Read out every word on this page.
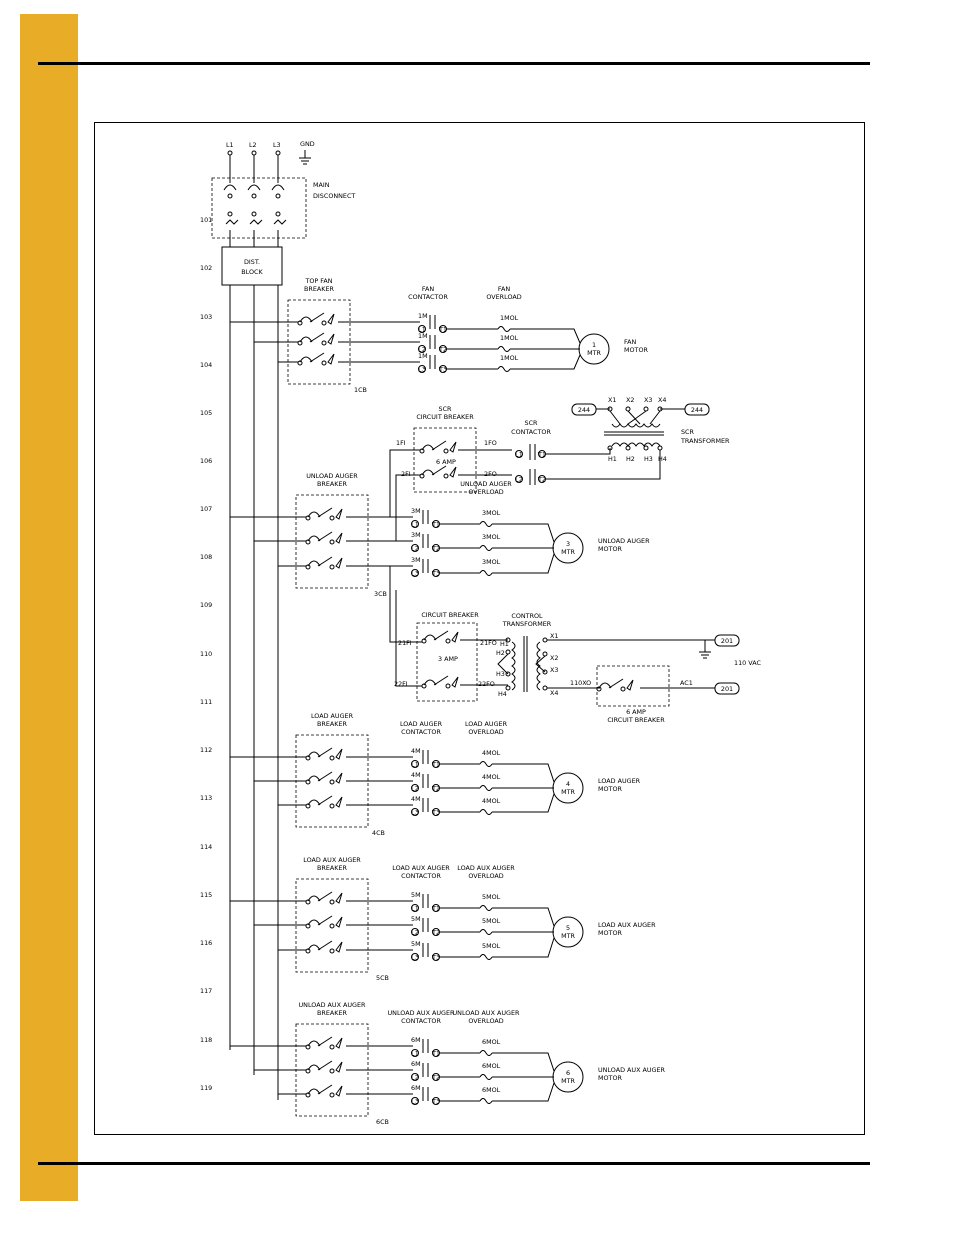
L1 L2	L3	GND
MAIN
DISCONNECT
DIST.
BLOCK
101
102
103
104
105
106
107
108
109
110
111
112
113
114
115
116
117
118
119
TOP FAN
BREAKER
1CB
1M	1MOL
1M	1MOL
1M	1MOL
FAN
CONTACTOR
FAN
OVERLOAD
1
MTR
FAN
MOTOR
L1 T1
L2 T2
L3 T3
UNLOAD AUGER
BREAKER
3CB
3M	3MOL
3M	3MOL
3M	3MOL
UNLOAD AUGER
OVERLOAD
3
MTR
UNLOAD AUGER
MOTOR
L1 T1
L2 T2
L3 T3
LOAD AUGER
BREAKER
4CB
4M	4MOL
4M	4MOL
4M	4MOL
LOAD AUGER
CONTACTOR
LOAD AUGER
OVERLOAD
4
MTR
LOAD AUGER
MOTOR
L1 T1
L2 T2
L3 T3
LOAD AUX AUGER
BREAKER
5CB
5M	5MOL
5M	5MOL
5M	5MOL
LOAD AUX AUGER
CONTACTOR
LOAD AUX AUGER
OVERLOAD
5
MTR
LOAD AUX AUGER
MOTOR
L1 T1
L2 T2
L3 T3
UNLOAD AUX AUGER
BREAKER
6CB
6M	6MOL
6M	6MOL
6M	6MOL
UNLOAD AUX AUGER
CONTACTOR
UNLOAD AUX AUGER
OVERLOAD
6
MTR
UNLOAD AUX AUGER
MOTOR
L1 T1
L2 T2
L3 T3
SCR
CIRCUIT BREAKER
6 AMP
1FI
2FI
1FO
2FO
SCR
CONTACTOR
L1 T1
L2 T2
244	244
X1 X2 X3 X4
H1 H2 H3 H4
SCR
TRANSFORMER
CIRCUIT BREAKER
3 AMP
21FI
22FI
21FO
22FO
CONTROL
TRANSFORMER
H1
H2
H3
H4
X1
X2
X3
X4
201
110 VAC
110XO	AC1
201
6 AMP
CIRCUIT BREAKER
